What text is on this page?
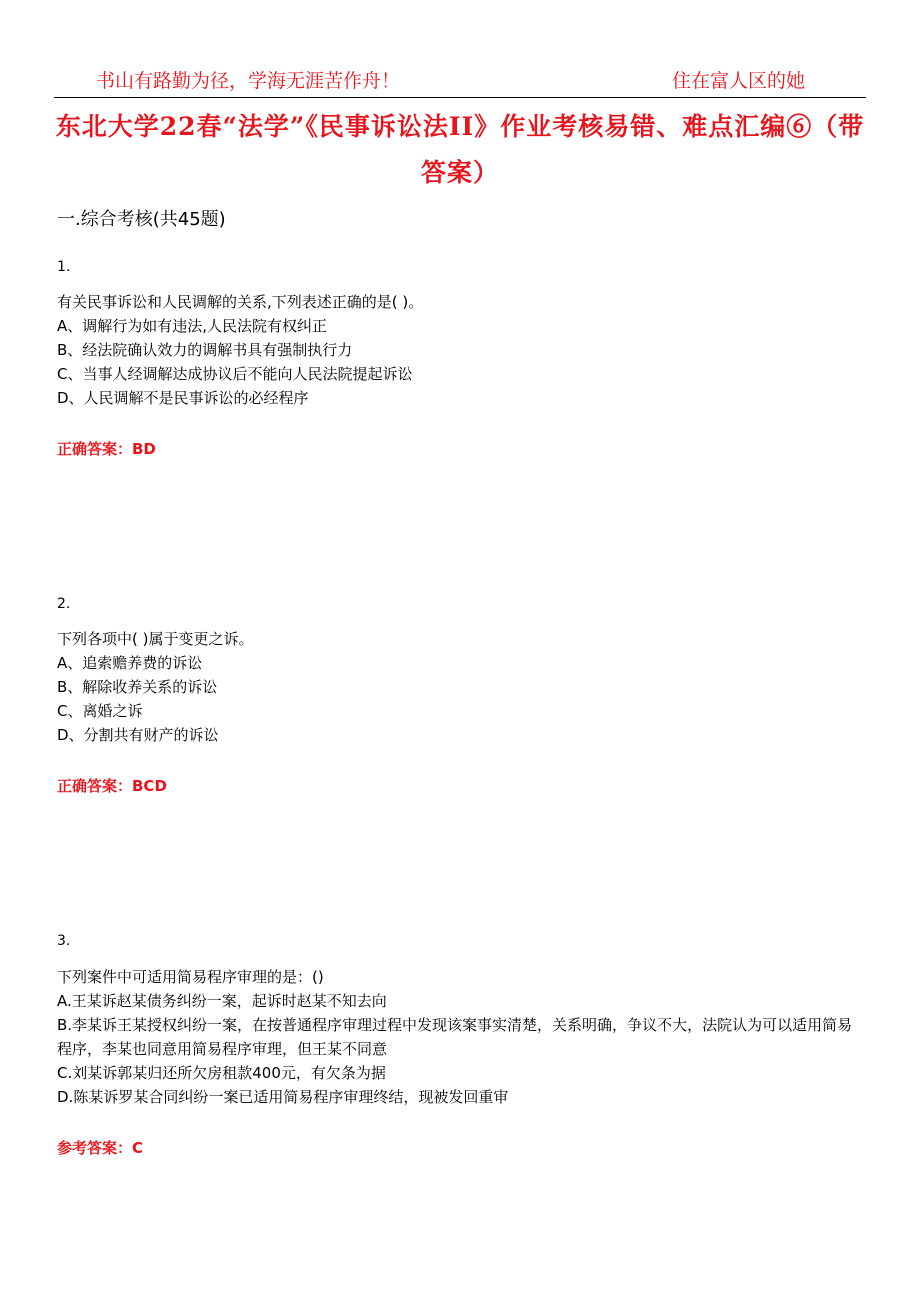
书山有路勤为径，学海无涯苦作舟！	住在富人区的她
东北大学22春“法学”《民事诉讼法II》作业考核易错、难点汇编⑥（带答案）
一.综合考核(共45题)
1.
有关民事诉讼和人民调解的关系,下列表述正确的是( )。
A、调解行为如有违法,人民法院有权纠正
B、经法院确认效力的调解书具有强制执行力
C、当事人经调解达成协议后不能向人民法院提起诉讼
D、人民调解不是民事诉讼的必经程序
正确答案：BD
2.
下列各项中( )属于变更之诉。
A、追索赡养费的诉讼
B、解除收养关系的诉讼
C、离婚之诉
D、分割共有财产的诉讼
正确答案：BCD
3.
下列案件中可适用简易程序审理的是：()
A.王某诉赵某债务纠纷一案，起诉时赵某不知去向
B.李某诉王某授权纠纷一案，在按普通程序审理过程中发现该案事实清楚，关系明确，争议不大，法院认为可以适用简易程序，李某也同意用简易程序审理，但王某不同意
C.刘某诉郭某归还所欠房租款400元，有欠条为据
D.陈某诉罗某合同纠纷一案已适用简易程序审理终结，现被发回重审
参考答案：C
